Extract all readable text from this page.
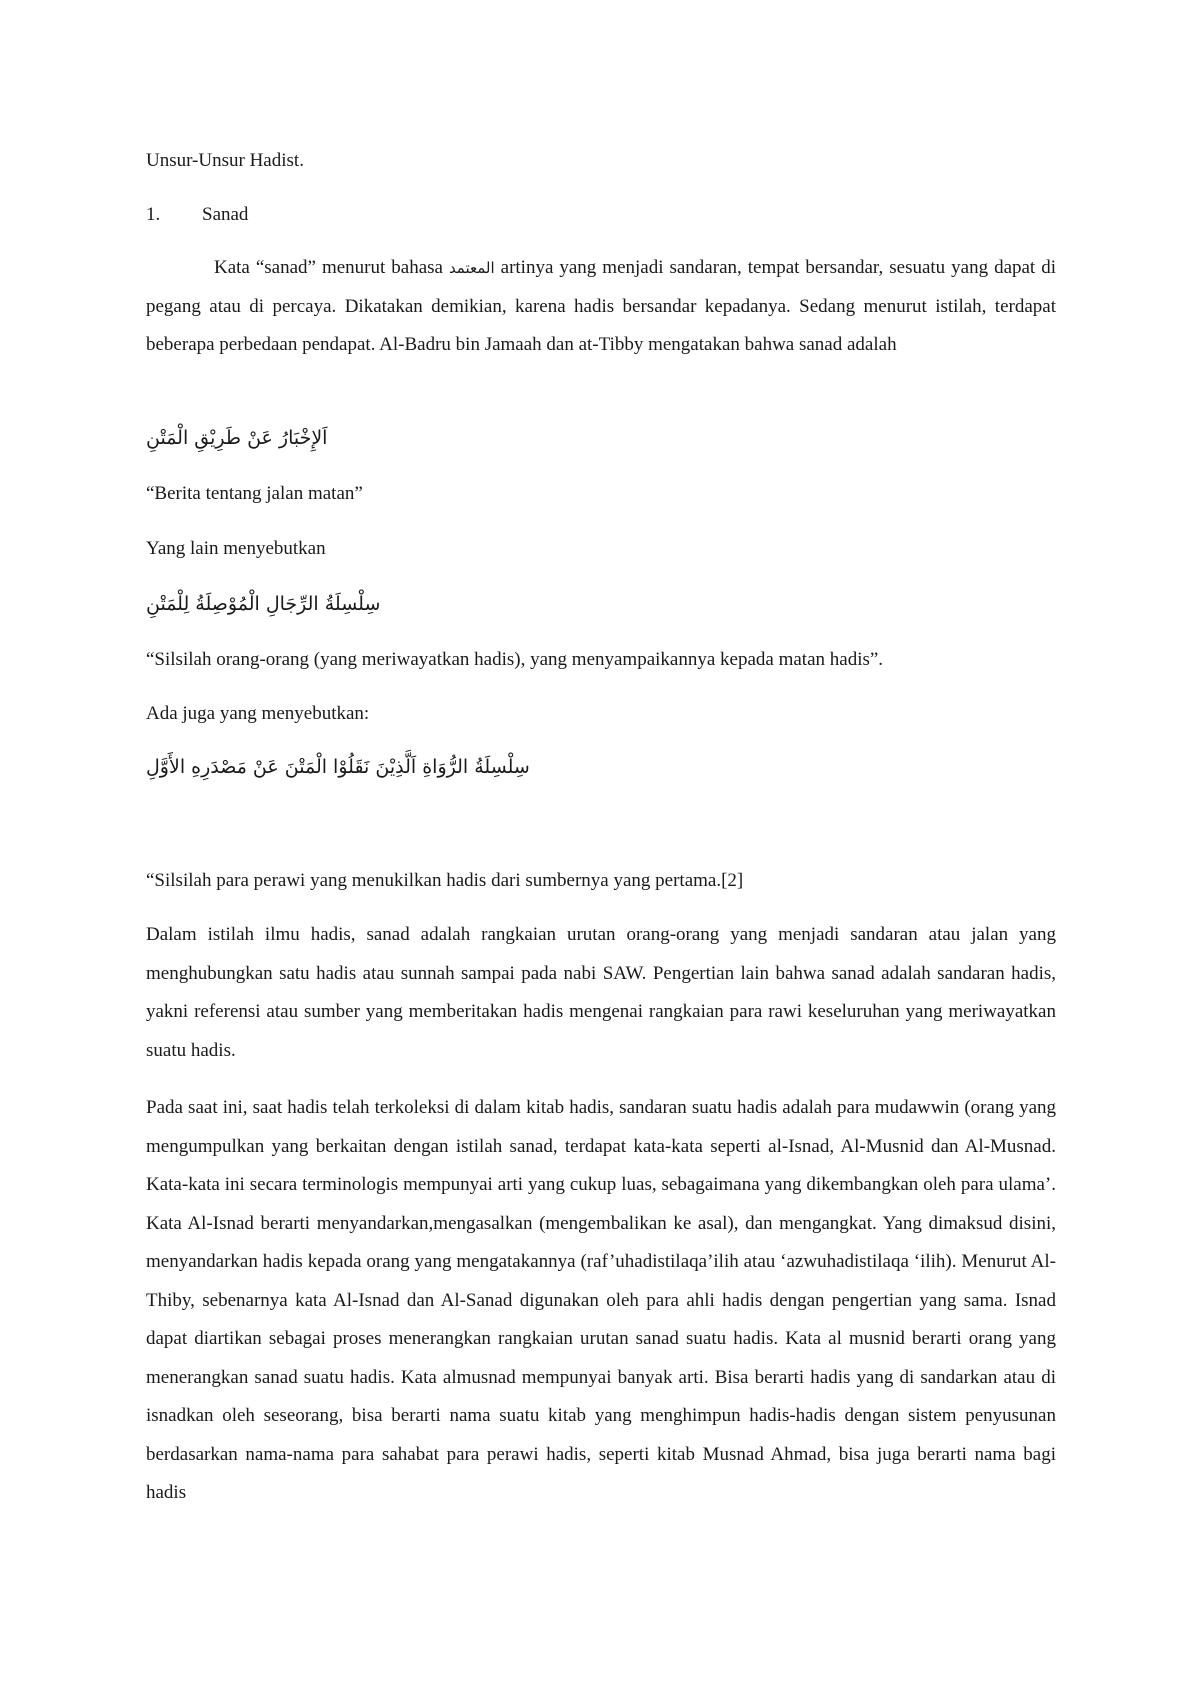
Unsur-Unsur Hadist.

1. Sanad

Kata “sanad” menurut bahasa المعتمد artinya yang menjadi sandaran, tempat bersandar, sesuatu yang dapat di pegang atau di percaya. Dikatakan demikian, karena hadis bersandar kepadanya. Sedang menurut istilah, terdapat beberapa perbedaan pendapat. Al-Badru bin Jamaah dan at-Tibby mengatakan bahwa sanad adalah

اَلإِخْبَارُ عَنْ طَرِيْقِ الْمَتْنِ

“Berita tentang jalan matan”

Yang lain menyebutkan

سِلْسِلَةُ الرِّجَالِ الْمُوْصِلَةُ لِلْمَتْنِ

“Silsilah orang-orang (yang meriwayatkan hadis), yang menyampaikannya kepada matan hadis”.

Ada juga yang menyebutkan:

سِلْسِلَةُ الرُّوَاةِ اَلَّذِيْنَ نَقَلُوْا الْمَتْنَ عَنْ مَصْدَرِهِ الأَوَّلِ

“Silsilah para perawi yang menukilkan hadis dari sumbernya yang pertama.[2]

Dalam istilah ilmu hadis, sanad adalah rangkaian urutan orang-orang yang menjadi sandaran atau jalan yang menghubungkan satu hadis atau sunnah sampai pada nabi SAW. Pengertian lain bahwa sanad adalah sandaran hadis, yakni referensi atau sumber yang memberitakan hadis mengenai rangkaian para rawi keseluruhan yang meriwayatkan suatu hadis.

Pada saat ini, saat hadis telah terkoleksi di dalam kitab hadis, sandaran suatu hadis adalah para mudawwin (orang yang mengumpulkan yang berkaitan dengan istilah sanad, terdapat kata-kata seperti al-Isnad, Al-Musnid dan Al-Musnad. Kata-kata ini secara terminologis mempunyai arti yang cukup luas, sebagaimana yang dikembangkan oleh para ulama’. Kata Al-Isnad berarti menyandarkan,mengasalkan (mengembalikan ke asal), dan mengangkat. Yang dimaksud disini, menyandarkan hadis kepada orang yang mengatakannya (raf’uhadistilaqa’ilih atau ‘azwuhadistilaqa ‘ilih). Menurut Al-Thiby, sebenarnya kata Al-Isnad dan Al-Sanad digunakan oleh para ahli hadis dengan pengertian yang sama. Isnad dapat diartikan sebagai proses menerangkan rangkaian urutan sanad suatu hadis. Kata al musnid berarti orang yang menerangkan sanad suatu hadis. Kata almusnad mempunyai banyak arti. Bisa berarti hadis yang di sandarkan atau di isnadkan oleh seseorang, bisa berarti nama suatu kitab yang menghimpun hadis-hadis dengan sistem penyusunan berdasarkan nama-nama para sahabat para perawi hadis, seperti kitab Musnad Ahmad, bisa juga berarti nama bagi hadis
